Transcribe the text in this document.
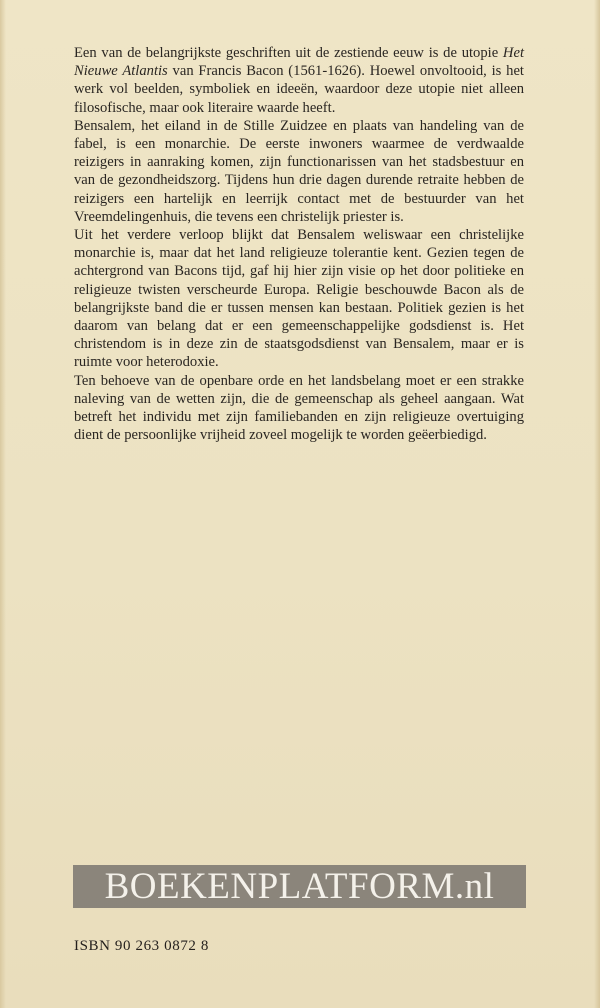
Een van de belangrijkste geschriften uit de zestiende eeuw is de utopie Het Nieuwe Atlantis van Francis Bacon (1561-1626). Hoewel onvoltooid, is het werk vol beelden, symboliek en ideeën, waardoor deze utopie niet alleen filosofische, maar ook literaire waarde heeft.

Bensalem, het eiland in de Stille Zuidzee en plaats van handeling van de fabel, is een monarchie. De eerste inwoners waarmee de verdwaalde reizigers in aanraking komen, zijn functionarissen van het stadsbestuur en van de gezondheidszorg. Tijdens hun drie dagen durende retraite hebben de reizigers een hartelijk en leerrijk contact met de bestuurder van het Vreemdelingenhuis, die tevens een christelijk priester is.

Uit het verdere verloop blijkt dat Bensalem weliswaar een christelijke monarchie is, maar dat het land religieuze tolerantie kent. Gezien tegen de achtergrond van Bacons tijd, gaf hij hier zijn visie op het door politieke en religieuze twisten verscheurde Europa. Religie beschouwde Bacon als de belangrijkste band die er tussen mensen kan bestaan. Politiek gezien is het daarom van belang dat er een gemeenschappelijke godsdienst is. Het christendom is in deze zin de staatsgodsdienst van Bensalem, maar er is ruimte voor heterodoxie.

Ten behoeve van de openbare orde en het landsbelang moet er een strakke naleving van de wetten zijn, die de gemeenschap als geheel aangaan. Wat betreft het individu met zijn familiebanden en zijn religieuze overtuiging dient de persoonlijke vrijheid zoveel mogelijk te worden geëerbiedigd.

BOEKENPLATFORM.nl
ISBN 90 263 0872 8
